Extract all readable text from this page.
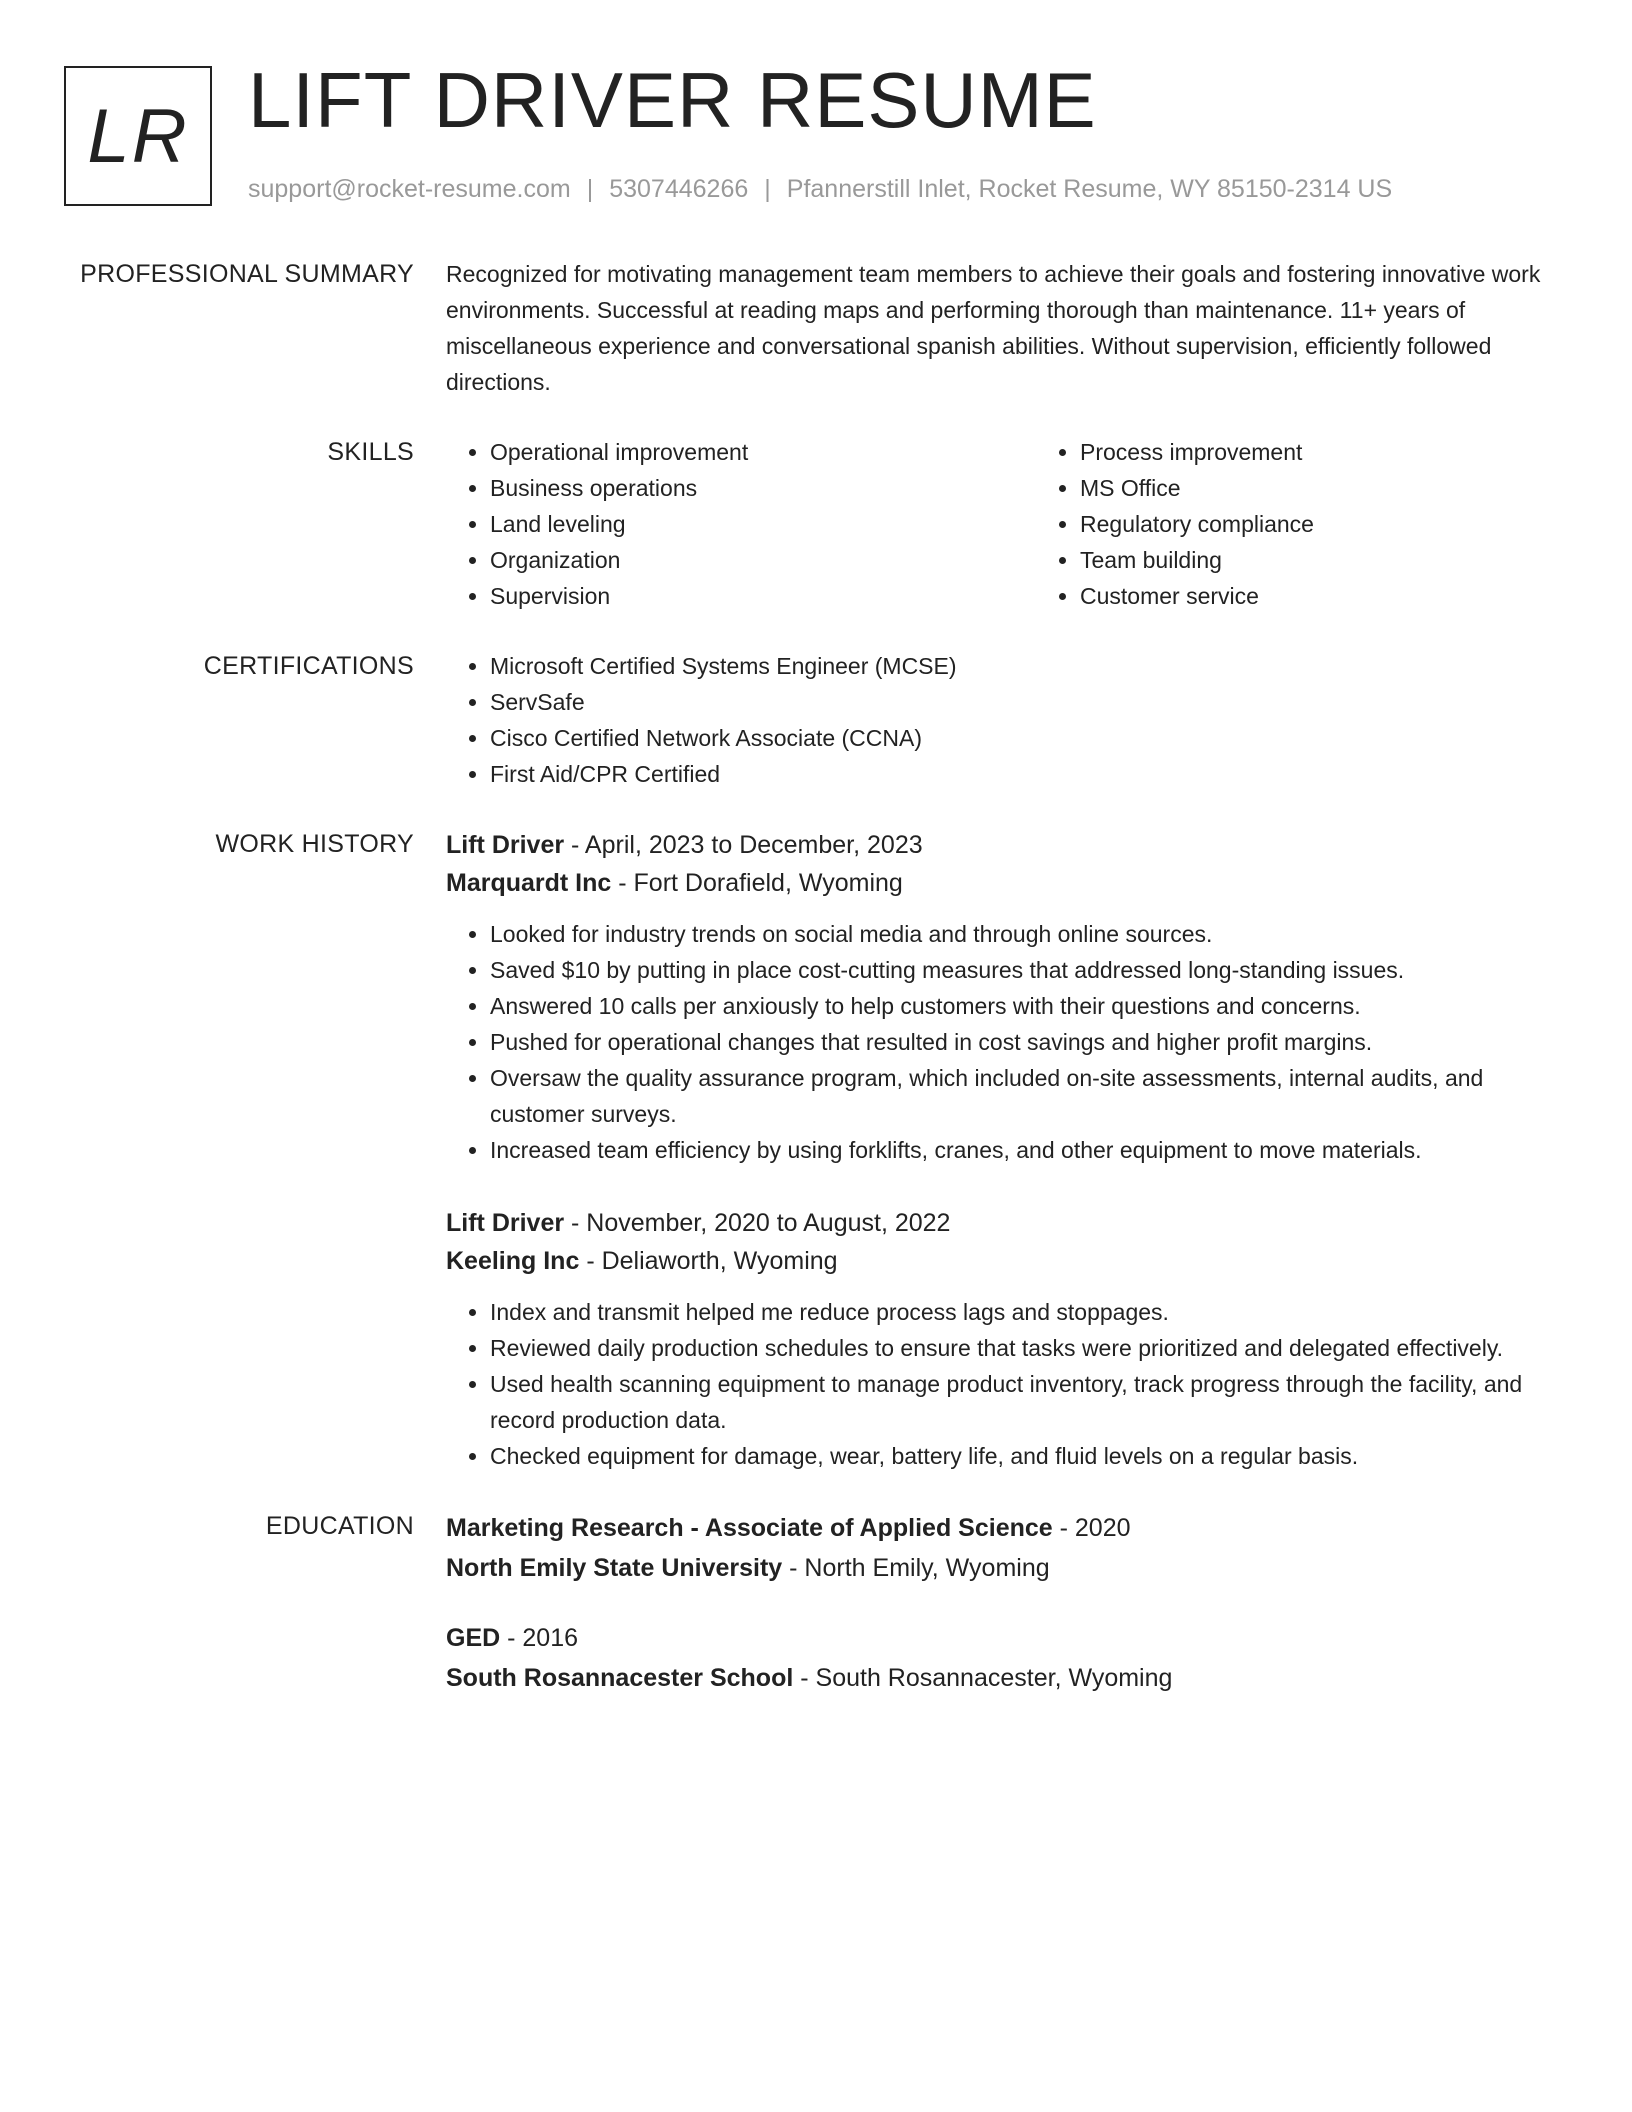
LR LIFT DRIVER RESUME
support@rocket-resume.com | 5307446266 | Pfannerstill Inlet, Rocket Resume, WY 85150-2314 US
PROFESSIONAL SUMMARY Recognized for motivating management team members to achieve their goals and fostering innovative work environments. Successful at reading maps and performing thorough than maintenance. 11+ years of miscellaneous experience and conversational spanish abilities. Without supervision, efficiently followed directions.

SKILLS	• Operational improvement
• Business operations
• Land leveling
• Organization
• Supervision
• Process improvement
• MS Office
• Regulatory compliance
• Team building
• Customer service
CERTIFICATIONS	• Microsoft Certified Systems Engineer (MCSE)
• ServSafe
• Cisco Certified Network Associate (CCNA)
• First Aid/CPR Certified
WORK HISTORY Lift Driver - April, 2023 to December, 2023
Marquardt Inc - Fort Dorafield, Wyoming
• Looked for industry trends on social media and through online sources.
• Saved $10 by putting in place cost-cutting measures that addressed long-standing issues.
• Answered 10 calls per anxiously to help customers with their questions and concerns.
• Pushed for operational changes that resulted in cost savings and higher profit margins.
• Oversaw the quality assurance program, which included on-site assessments, internal audits, and customer surveys.
• Increased team efficiency by using forklifts, cranes, and other equipment to move materials.
Lift Driver - November, 2020 to August, 2022
Keeling Inc - Deliaworth, Wyoming
• Index and transmit helped me reduce process lags and stoppages.
• Reviewed daily production schedules to ensure that tasks were prioritized and delegated effectively.
• Used health scanning equipment to manage product inventory, track progress through the facility, and record production data.
• Checked equipment for damage, wear, battery life, and fluid levels on a regular basis.
EDUCATION Marketing Research - Associate of Applied Science - 2020
North Emily State University - North Emily, Wyoming
GED - 2016
South Rosannacester School - South Rosannacester, Wyoming
